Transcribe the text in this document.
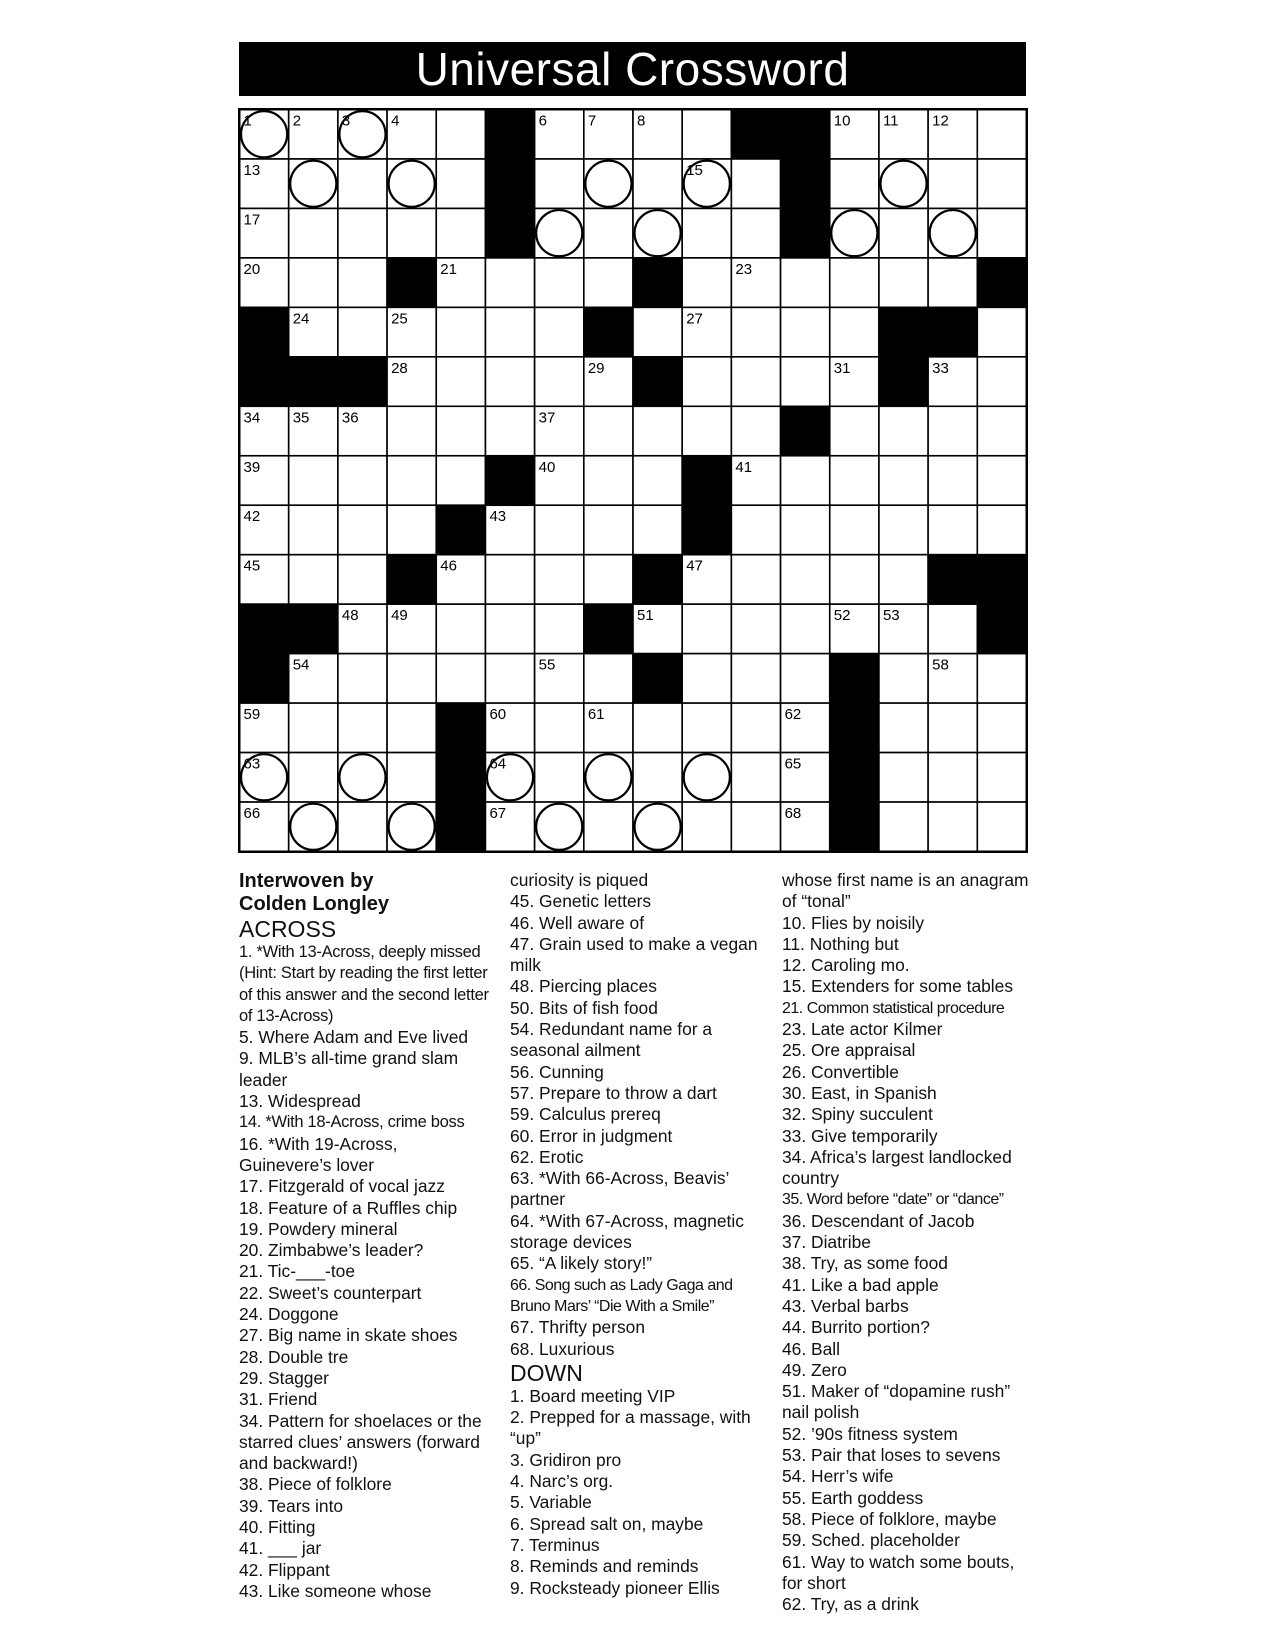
Universal Crossword
1	2	3	4	5	6	7	8	9	10 11 12
13	14	15	16
17	18	19
20	21	22	23
24	25	26	27
28	29 30	31 32 33
34 35 36	37	38
39	40	41
42	43	44
45	46	47
48 49	50 51	52 53
54	55	56	57	58
59	60	61	62
63	64	65
66	67	68

Interwoven by

Colden Longley

ACROSS

1. *With 13-Across, deeply missed (Hint: Start by reading the first letter of this answer and the second letter of 13-Across)

5. Where Adam and Eve lived

9. MLB’s all-time grand slam leader

13. Widespread

14. *With 18-Across, crime boss

16. *With 19-Across, Guinevere’s lover

17. Fitzgerald of vocal jazz

18. Feature of a Ruffles chip

19. Powdery mineral

20. Zimbabwe’s leader?

21. Tic-___-toe

22. Sweet’s counterpart

24. Doggone

27. Big name in skate shoes

28. Double tre

29. Stagger

31. Friend

34. Pattern for shoelaces or the starred clues’ answers (forward and backward!)

38. Piece of folklore

39. Tears into

40. Fitting

41. ___ jar

42. Flippant

43. Like someone whose

curiosity is piqued

45. Genetic letters

46. Well aware of

47. Grain used to make a vegan milk

48. Piercing places

50. Bits of fish food

54. Redundant name for a seasonal ailment

56. Cunning

57. Prepare to throw a dart

59. Calculus prereq

60. Error in judgment

62. Erotic

63. *With 66-Across, Beavis’ partner

64. *With 67-Across, magnetic storage devices

65. “A likely story!”

66. Song such as Lady Gaga and Bruno Mars’ “Die With a Smile”

67. Thrifty person

68. Luxurious

DOWN

1. Board meeting VIP

2. Prepped for a massage, with “up”

3. Gridiron pro

4. Narc’s org.

5. Variable

6. Spread salt on, maybe

7. Terminus

8. Reminds and reminds

9. Rocksteady pioneer Ellis

whose first name is an anagram of “tonal”

10. Flies by noisily

11. Nothing but

12. Caroling mo.

15. Extenders for some tables

21. Common statistical procedure

23. Late actor Kilmer

25. Ore appraisal

26. Convertible

30. East, in Spanish

32. Spiny succulent

33. Give temporarily

34. Africa’s largest landlocked country

35. Word before “date” or “dance”

36. Descendant of Jacob

37. Diatribe

38. Try, as some food

41. Like a bad apple

43. Verbal barbs

44. Burrito portion?

46. Ball

49. Zero

51. Maker of “dopamine rush” nail polish

52. ’90s fitness system

53. Pair that loses to sevens

54. Herr’s wife

55. Earth goddess

58. Piece of folklore, maybe

59. Sched. placeholder

61. Way to watch some bouts, for short

62. Try, as a drink
